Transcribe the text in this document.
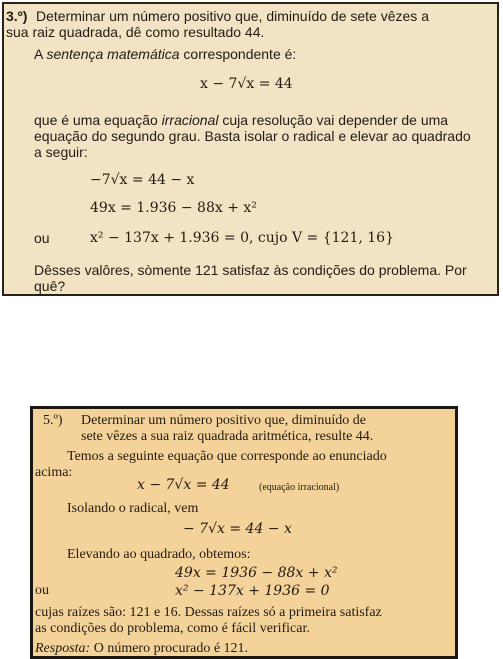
3.º) Determinar um número positivo que, diminuído de sete vêzes a
sua raiz quadrada, dê como resultado 44.
A sentença matemática correspondente é:
x − 7√x = 44
que é uma equação irracional cuja resolução vai depender de uma
equação do segundo grau. Basta isolar o radical e elevar ao quadrado
a seguir:
−7√x = 44 − x
49x = 1.936 − 88x + x²
ou	x² − 137x + 1.936 = 0, cujo V = {121, 16}
Dêsses valôres, sòmente 121 satisfaz às condições do problema. Por
quê?
5.º) Determinar um número positivo que, diminuído de
sete vêzes a sua raiz quadrada aritmética, resulte 44.
Temos a seguinte equação que corresponde ao enunciado
acima:
x − 7√x = 44	(equação irracional)
Isolando o radical, vem
− 7√x = 44 − x
Elevando ao quadrado, obtemos:
49x = 1936 − 88x + x²
ou	x² − 137x + 1936 = 0
cujas raízes são: 121 e 16. Dessas raízes só a primeira satisfaz
as condições do problema, como é fácil verificar.
Resposta: O número procurado é 121.
